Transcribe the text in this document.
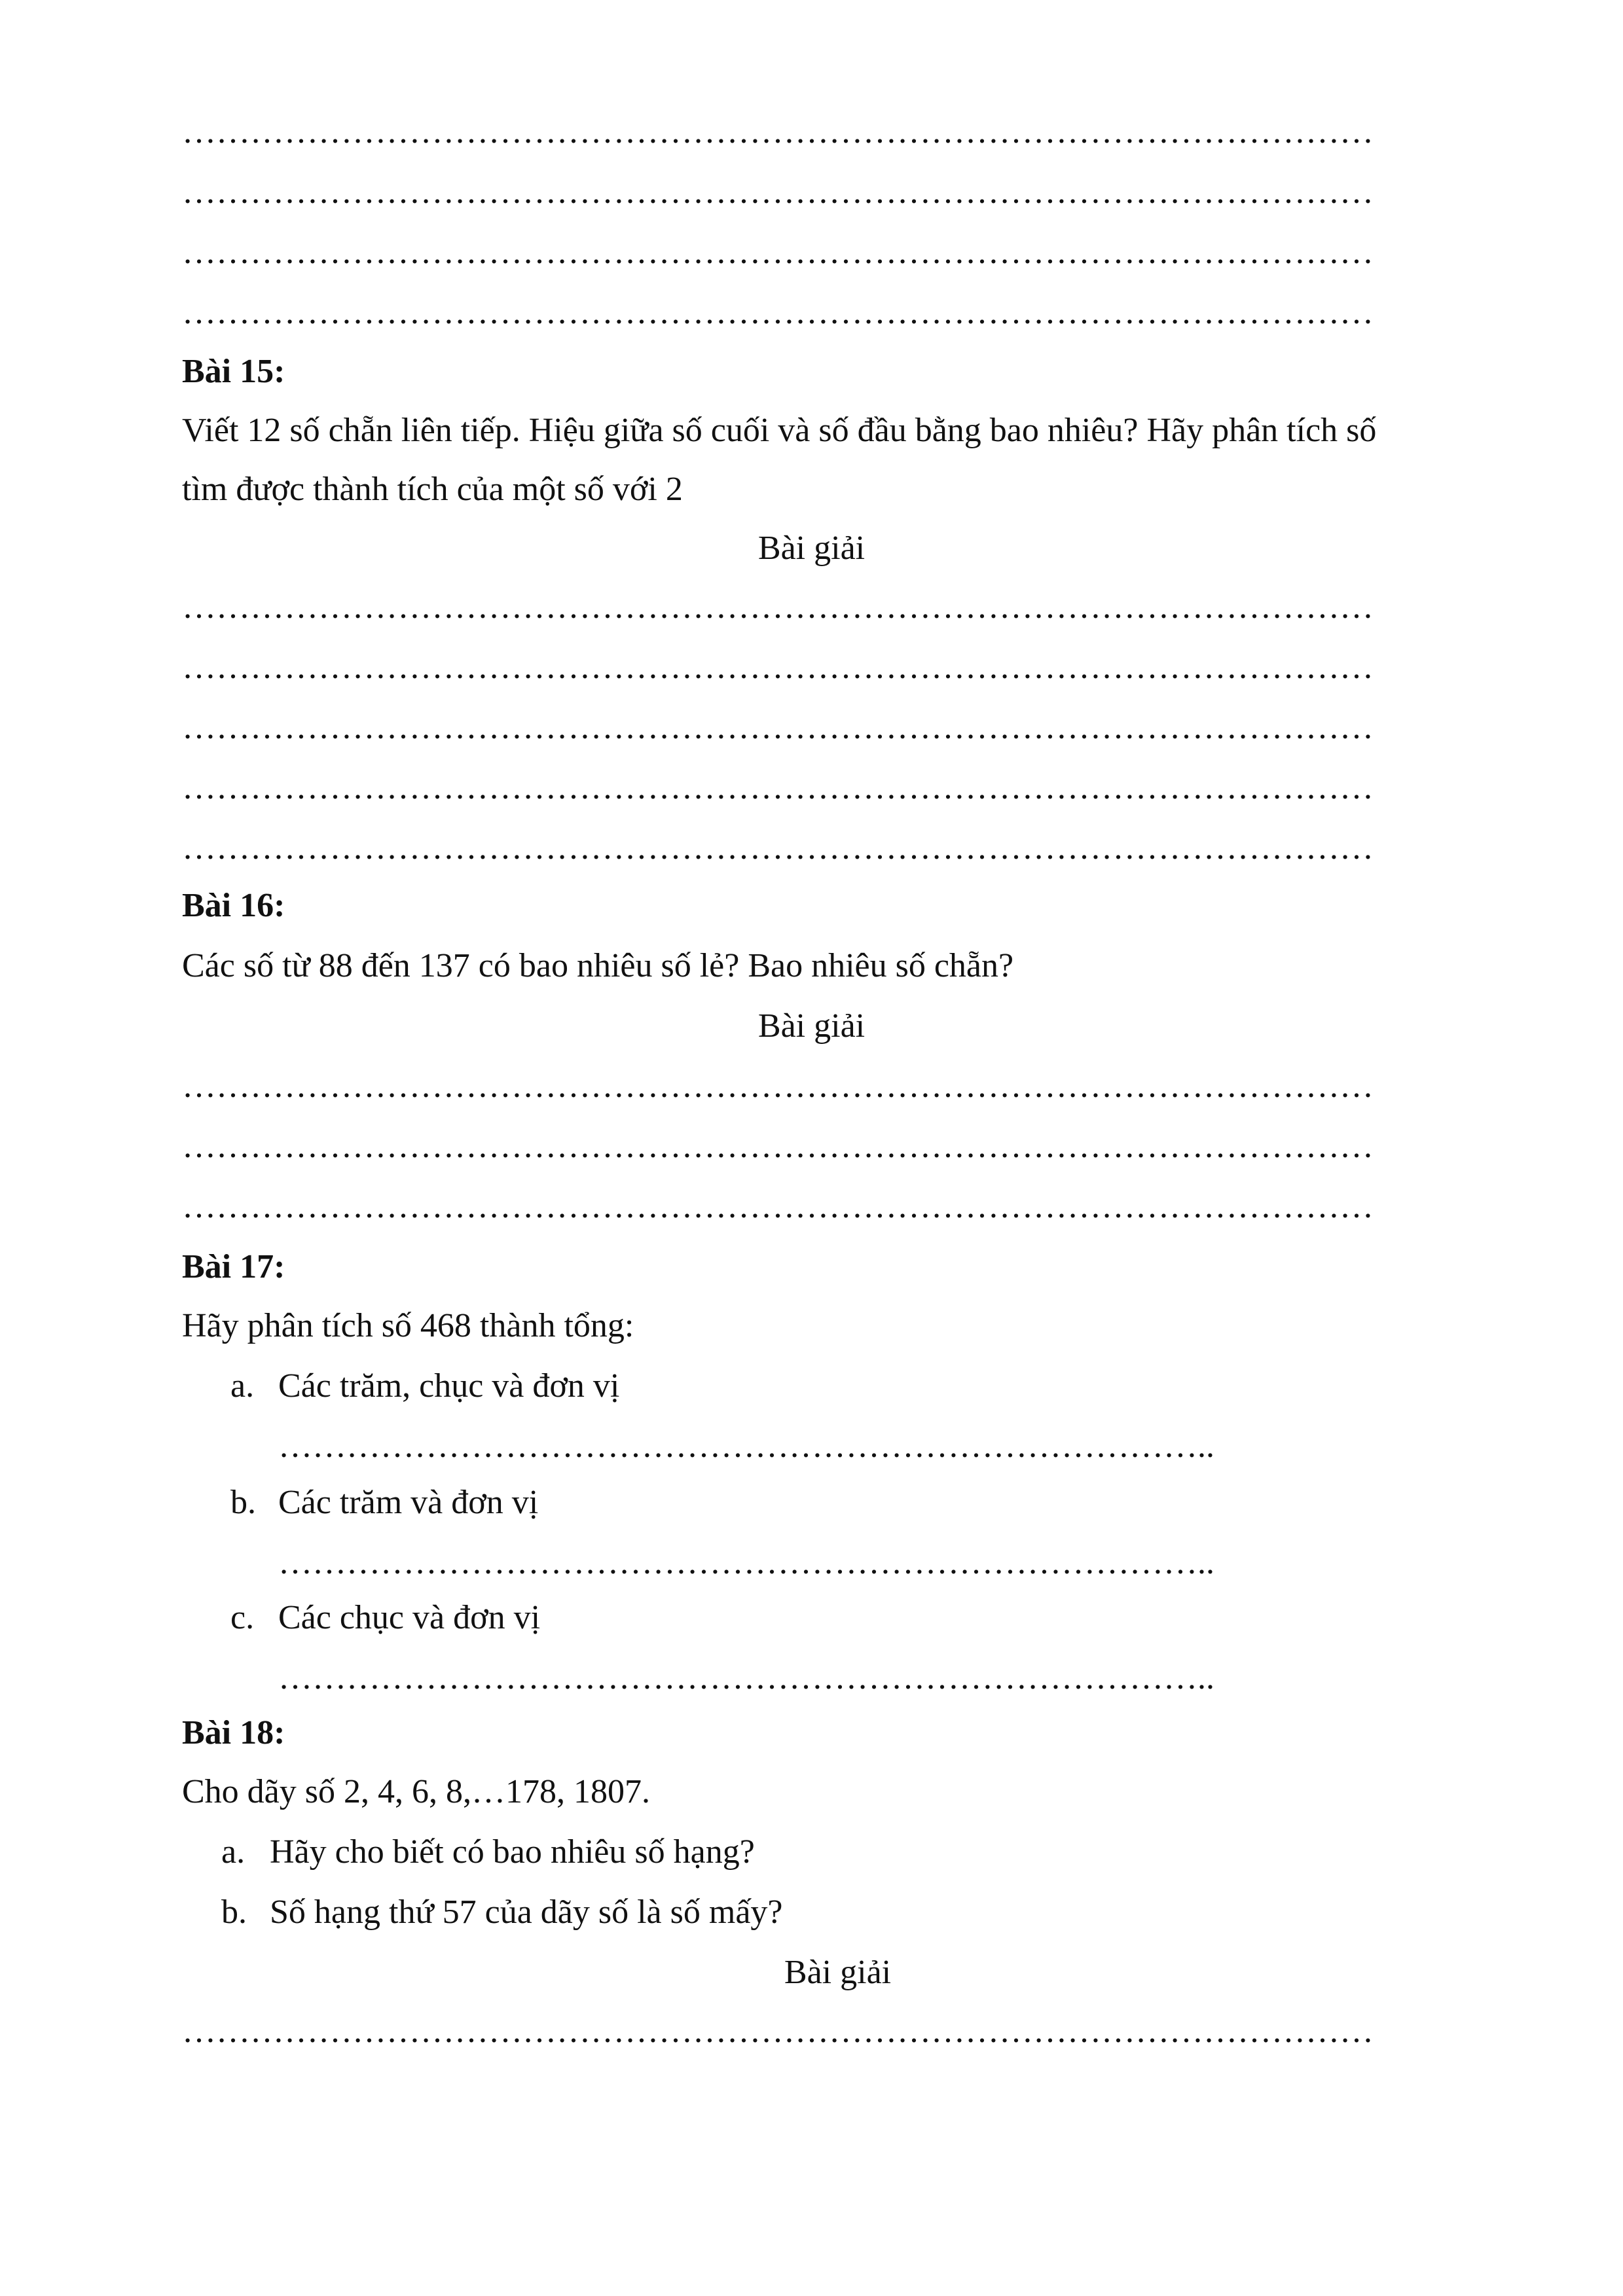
……………………………………………………………………………………………
……………………………………………………………………………………………
……………………………………………………………………………………………
……………………………………………………………………………………………

Bài 15:

Viết 12 số chẵn liên tiếp. Hiệu giữa số cuối và số đầu bằng bao nhiêu? Hãy phân tích số

tìm được thành tích của một số với 2

Bài giải

……………………………………………………………………………………………
……………………………………………………………………………………………
……………………………………………………………………………………………
……………………………………………………………………………………………
……………………………………………………………………………………………

Bài 16:

Các số từ 88 đến 137 có bao nhiêu số lẻ? Bao nhiêu số chẵn?

Bài giải

……………………………………………………………………………………………
……………………………………………………………………………………………
……………………………………………………………………………………………

Bài 17:

Hãy phân tích số 468 thành tổng:

a. Các trăm, chục và đơn vị

………………………………………………………………………..
b. Các trăm và đơn vị

………………………………………………………………………..
c. Các chục và đơn vị

………………………………………………………………………..

Bài 18:

Cho dãy số 2, 4, 6, 8,…178, 1807.

a. Hãy cho biết có bao nhiêu số hạng?

b. Số hạng thứ 57 của dãy số là số mấy?

Bài giải

……………………………………………………………………………………………
